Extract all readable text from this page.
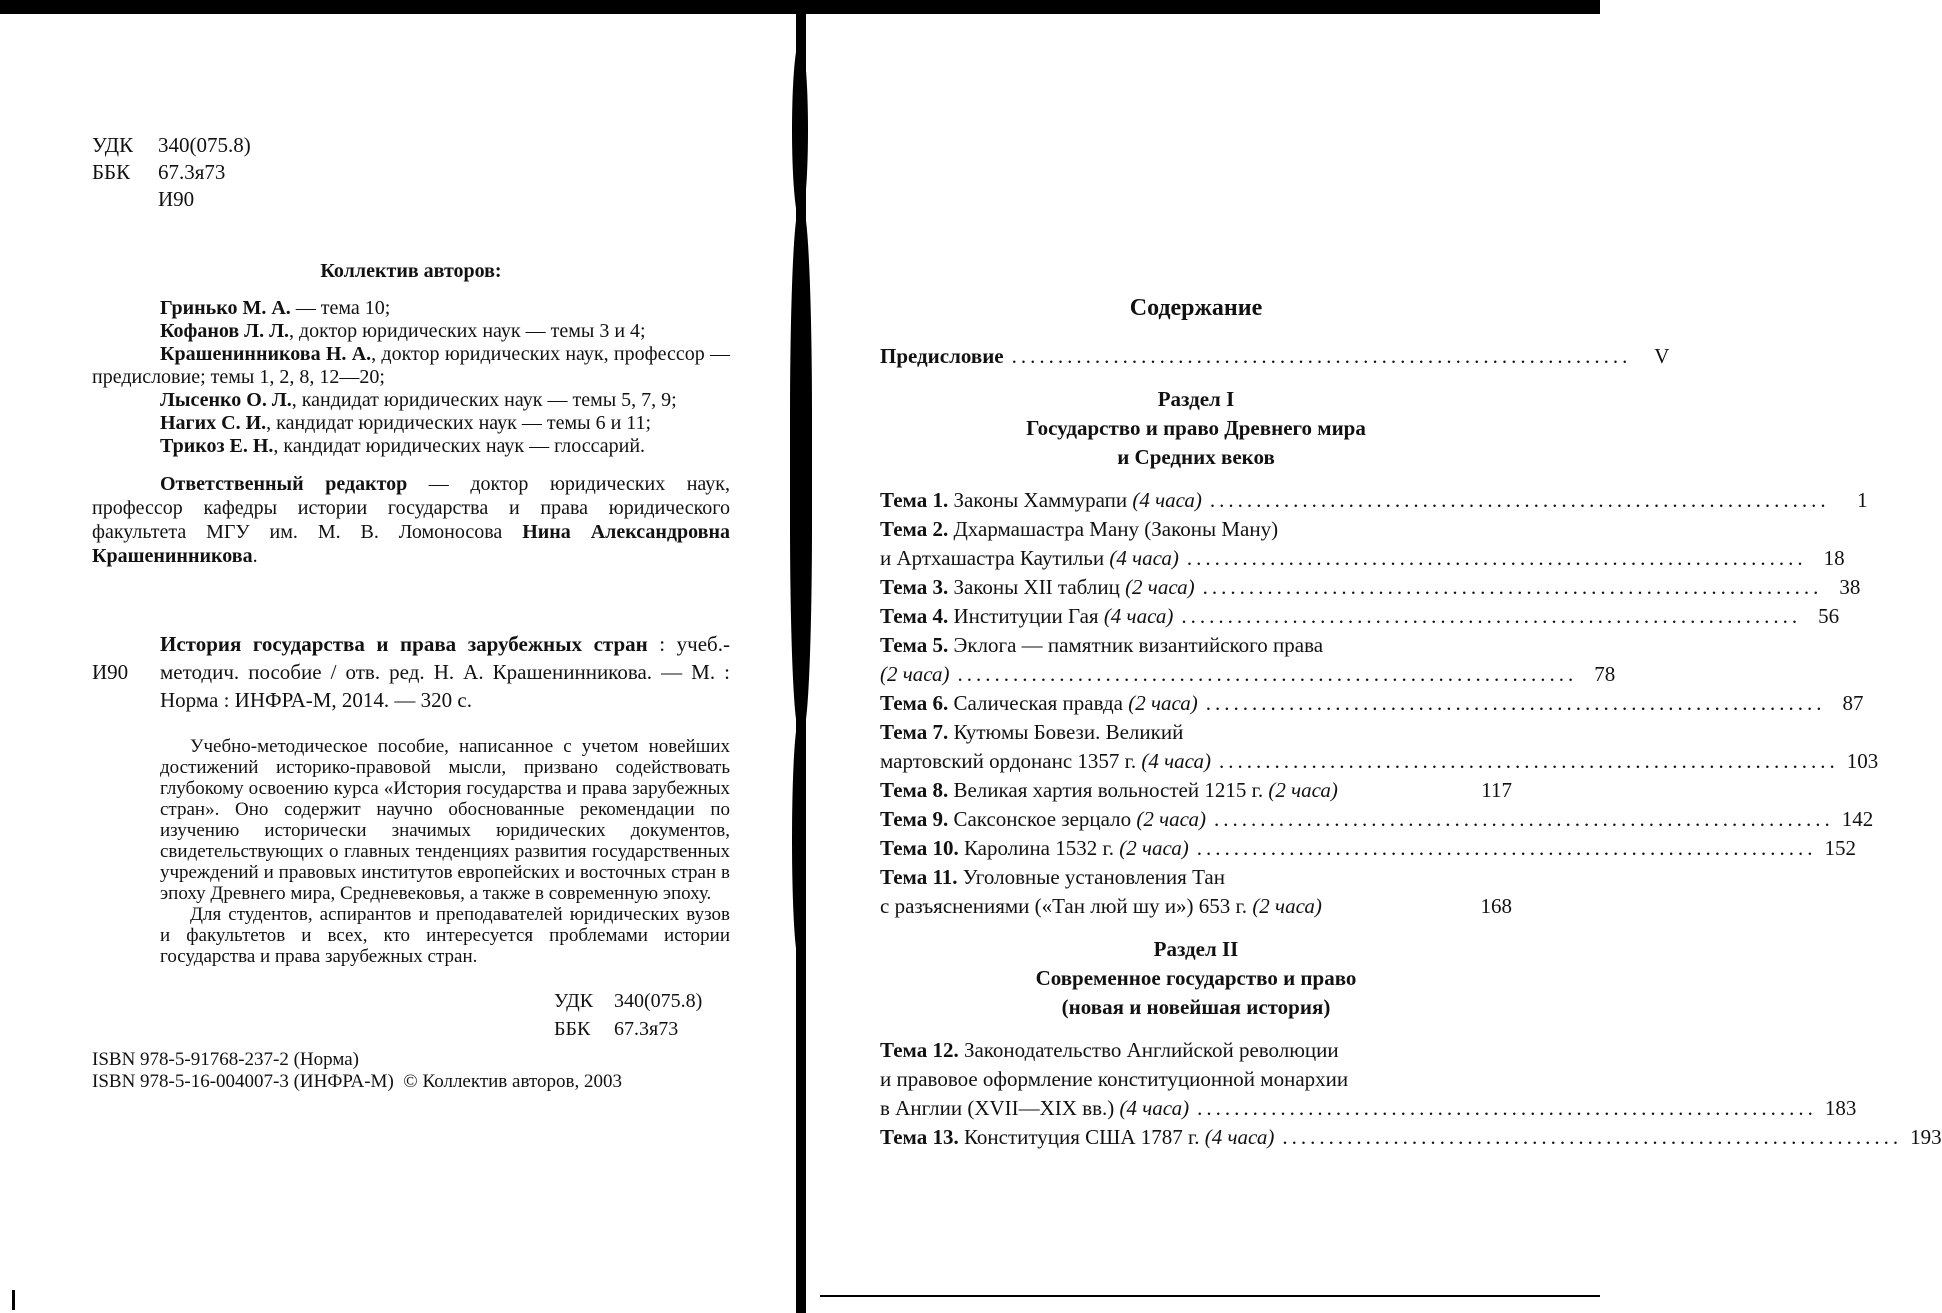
УДК	340(075.8)
ББК	67.3я73
И90
Коллектив авторов:

Гринько М. А. — тема 10;

Кофанов Л. Л., доктор юридических наук — темы 3 и 4;

Крашенинникова Н. А., доктор юридических наук, профессор — предисловие; темы 1, 2, 8, 12—20;

Лысенко О. Л., кандидат юридических наук — темы 5, 7, 9;

Нагих С. И., кандидат юридических наук — темы 6 и 11;

Трикоз Е. Н., кандидат юридических наук — глоссарий.

Ответственный редактор — доктор юридических наук, профессор кафедры истории государства и права юридического факультета МГУ им. М. В. Ломоносова Нина Александровна Крашенинникова.
И90
История государства и права зарубежных стран : учеб.-методич. пособие / отв. ред. Н. А. Крашенинникова. — М. : Норма : ИНФРА-М, 2014. — 320 с.

Учебно-методическое пособие, написанное с учетом новейших достижений историко-правовой мысли, призвано содействовать глубокому освоению курса «История государства и права зарубежных стран». Оно содержит научно обоснованные рекомендации по изучению исторически значимых юридических документов, свидетельствующих о главных тенденциях развития государственных учреждений и правовых институтов европейских и восточных стран в эпоху Древнего мира, Средневековья, а также в современную эпоху.

Для студентов, аспирантов и преподавателей юридических вузов и факультетов и всех, кто интересуется проблемами истории государства и права зарубежных стран.

УДК	340(075.8)
ББК	67.3я73
ISBN 978-5-91768-237-2 (Норма)
ISBN 978-5-16-004007-3 (ИНФРА-М) © Коллектив авторов, 2003
Содержание
Предисловие ...................................................................	V
Раздел I
Государство и право Древнего мира
и Средних веков
Тема 1. Законы Хаммурапи (4 часа) ...................................................................	1
Тема 2. Дхармашастра Ману (Законы Ману)
и Артхашастра Каутильи (4 часа) ................................................................... 18
Тема 3. Законы XII таблиц (2 часа) ................................................................... 38
Тема 4. Институции Гая (4 часа) ................................................................... 56
Тема 5. Эклога — памятник византийского права
(2 часа) ................................................................... 78
Тема 6. Салическая правда (2 часа) ................................................................... 87
Тема 7. Кутюмы Бовези. Великий
мартовский ордонанс 1357 г. (4 часа) ................................................................... 103
Тема 8. Великая хартия вольностей 1215 г. (2 часа)	117
Тема 9. Саксонское зерцало (2 часа) ................................................................... 142
Тема 10. Каролина 1532 г. (2 часа) ................................................................... 152
Тема 11. Уголовные установления Тан
с разъяснениями («Тан люй шу и») 653 г. (2 часа)	168
Раздел II
Современное государство и право
(новая и новейшая история)
Тема 12. Законодательство Английской революции
и правовое оформление конституционной монархии
в Англии (XVII—XIX вв.) (4 часа) ................................................................... 183
Тема 13. Конституция США 1787 г. (4 часа) ................................................................... 193
